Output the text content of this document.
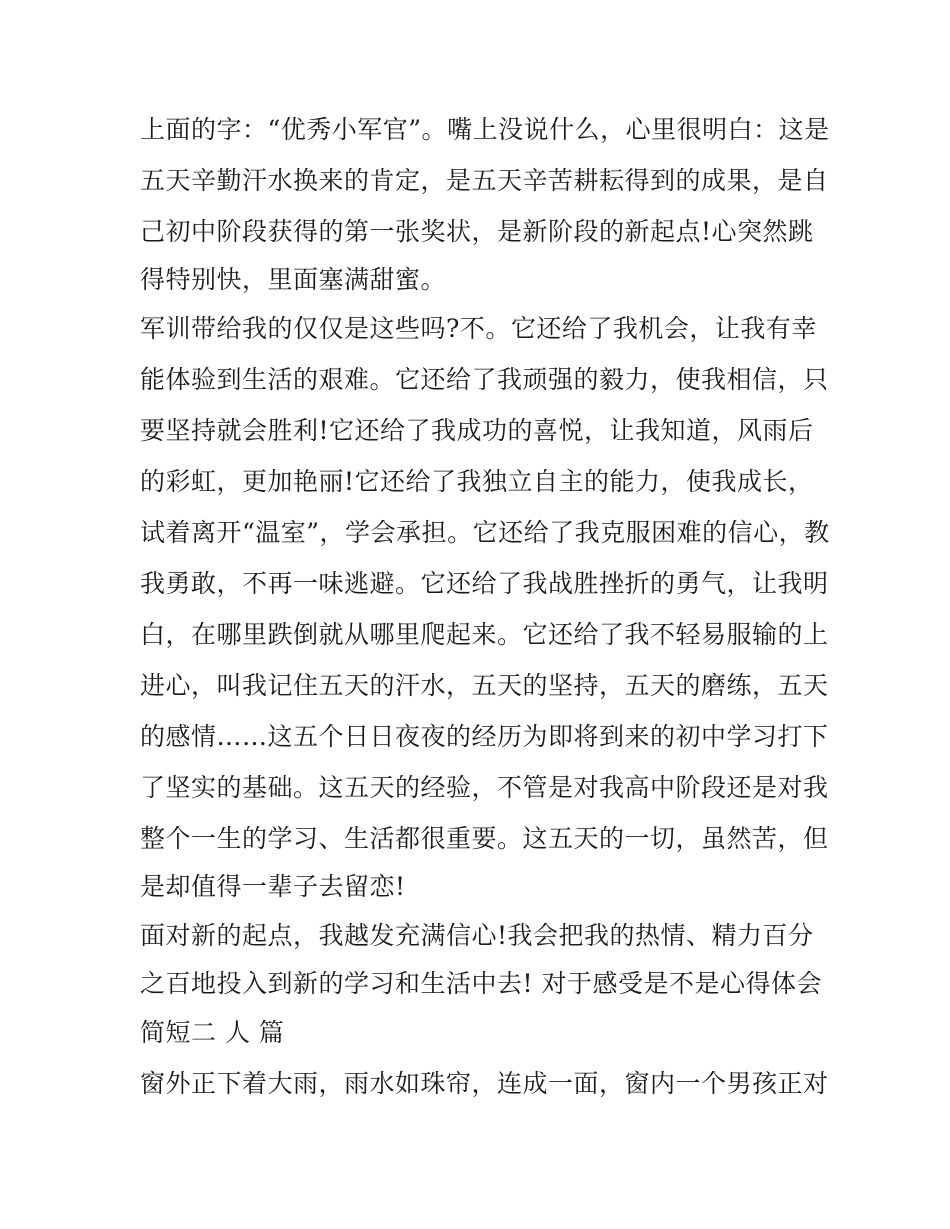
上面的字：“优秀小军官”。嘴上没说什么，心里很明白：这是
五天辛勤汗水换来的肯定，是五天辛苦耕耘得到的成果，是自
己初中阶段获得的第一张奖状，是新阶段的新起点!心突然跳
得特别快，里面塞满甜蜜。
军训带给我的仅仅是这些吗?不。它还给了我机会，让我有幸
能体验到生活的艰难。它还给了我顽强的毅力，使我相信，只
要坚持就会胜利!它还给了我成功的喜悦，让我知道，风雨后
的彩虹，更加艳丽!它还给了我独立自主的能力，使我成长，
试着离开“温室”，学会承担。它还给了我克服困难的信心，教
我勇敢，不再一味逃避。它还给了我战胜挫折的勇气，让我明
白，在哪里跌倒就从哪里爬起来。它还给了我不轻易服输的上
进心，叫我记住五天的汗水，五天的坚持，五天的磨练，五天
的感情……这五个日日夜夜的经历为即将到来的初中学习打下
了坚实的基础。这五天的经验，不管是对我高中阶段还是对我
整个一生的学习、生活都很重要。这五天的一切，虽然苦，但
是却值得一辈子去留恋!
面对新的起点，我越发充满信心!我会把我的热情、精力百分
之百地投入到新的学习和生活中去! 对于感受是不是心得体会
简短二 人 篇
窗外正下着大雨，雨水如珠帘，连成一面，窗内一个男孩正对
